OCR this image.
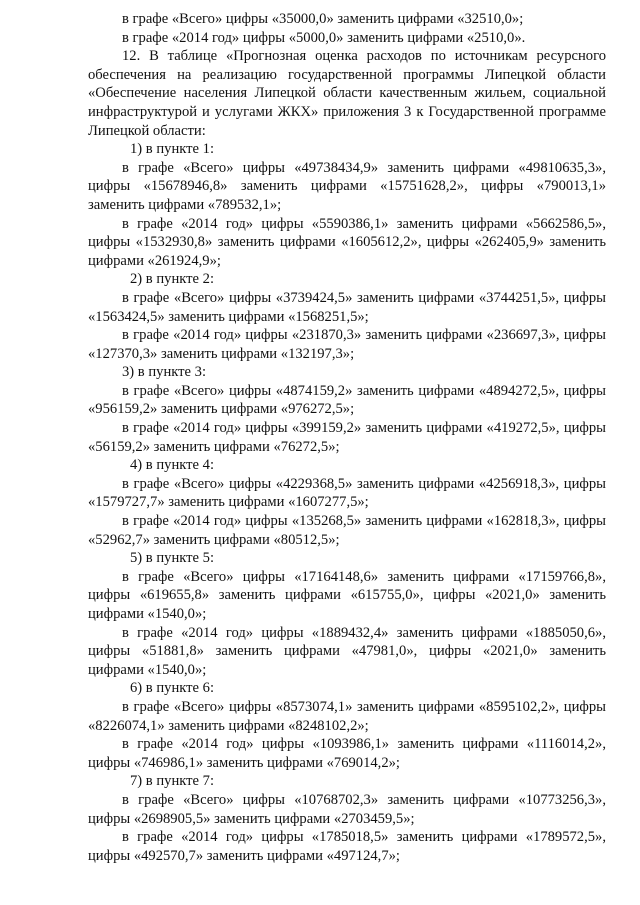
в графе «Всего» цифры «35000,0» заменить цифрами «32510,0»;

в графе «2014 год» цифры «5000,0» заменить цифрами «2510,0».

12. В таблице «Прогнозная оценка расходов по источникам ресурсного обеспечения на реализацию государственной программы Липецкой области «Обеспечение населения Липецкой области качественным жильем, социальной инфраструктурой и услугами ЖКХ» приложения 3 к Государственной программе Липецкой области:

1) в пункте 1:

в графе «Всего» цифры «49738434,9» заменить цифрами «49810635,3», цифры «15678946,8» заменить цифрами «15751628,2», цифры «790013,1» заменить цифрами «789532,1»;

в графе «2014 год» цифры «5590386,1» заменить цифрами «5662586,5», цифры «1532930,8» заменить цифрами «1605612,2», цифры «262405,9» заменить цифрами «261924,9»;

2) в пункте 2:

в графе «Всего» цифры «3739424,5» заменить цифрами «3744251,5», цифры «1563424,5» заменить цифрами «1568251,5»;

в графе «2014 год» цифры «231870,3» заменить цифрами «236697,3», цифры «127370,3» заменить цифрами «132197,3»;

3) в пункте 3:

в графе «Всего» цифры «4874159,2» заменить цифрами «4894272,5», цифры «956159,2» заменить цифрами «976272,5»;

в графе «2014 год» цифры «399159,2» заменить цифрами «419272,5», цифры «56159,2» заменить цифрами «76272,5»;

4) в пункте 4:

в графе «Всего» цифры «4229368,5» заменить цифрами «4256918,3», цифры «1579727,7» заменить цифрами «1607277,5»;

в графе «2014 год» цифры «135268,5» заменить цифрами «162818,3», цифры «52962,7» заменить цифрами «80512,5»;

5) в пункте 5:

в графе «Всего» цифры «17164148,6» заменить цифрами «17159766,8», цифры «619655,8» заменить цифрами «615755,0», цифры «2021,0» заменить цифрами «1540,0»;

в графе «2014 год» цифры «1889432,4» заменить цифрами «1885050,6», цифры «51881,8» заменить цифрами «47981,0», цифры «2021,0» заменить цифрами «1540,0»;

6) в пункте 6:

в графе «Всего» цифры «8573074,1» заменить цифрами «8595102,2», цифры «8226074,1» заменить цифрами «8248102,2»;

в графе «2014 год» цифры «1093986,1» заменить цифрами «1116014,2», цифры «746986,1» заменить цифрами «769014,2»;

7) в пункте 7:

в графе «Всего» цифры «10768702,3» заменить цифрами «10773256,3», цифры «2698905,5» заменить цифрами «2703459,5»;

в графе «2014 год» цифры «1785018,5» заменить цифрами «1789572,5», цифры «492570,7» заменить цифрами «497124,7»;
